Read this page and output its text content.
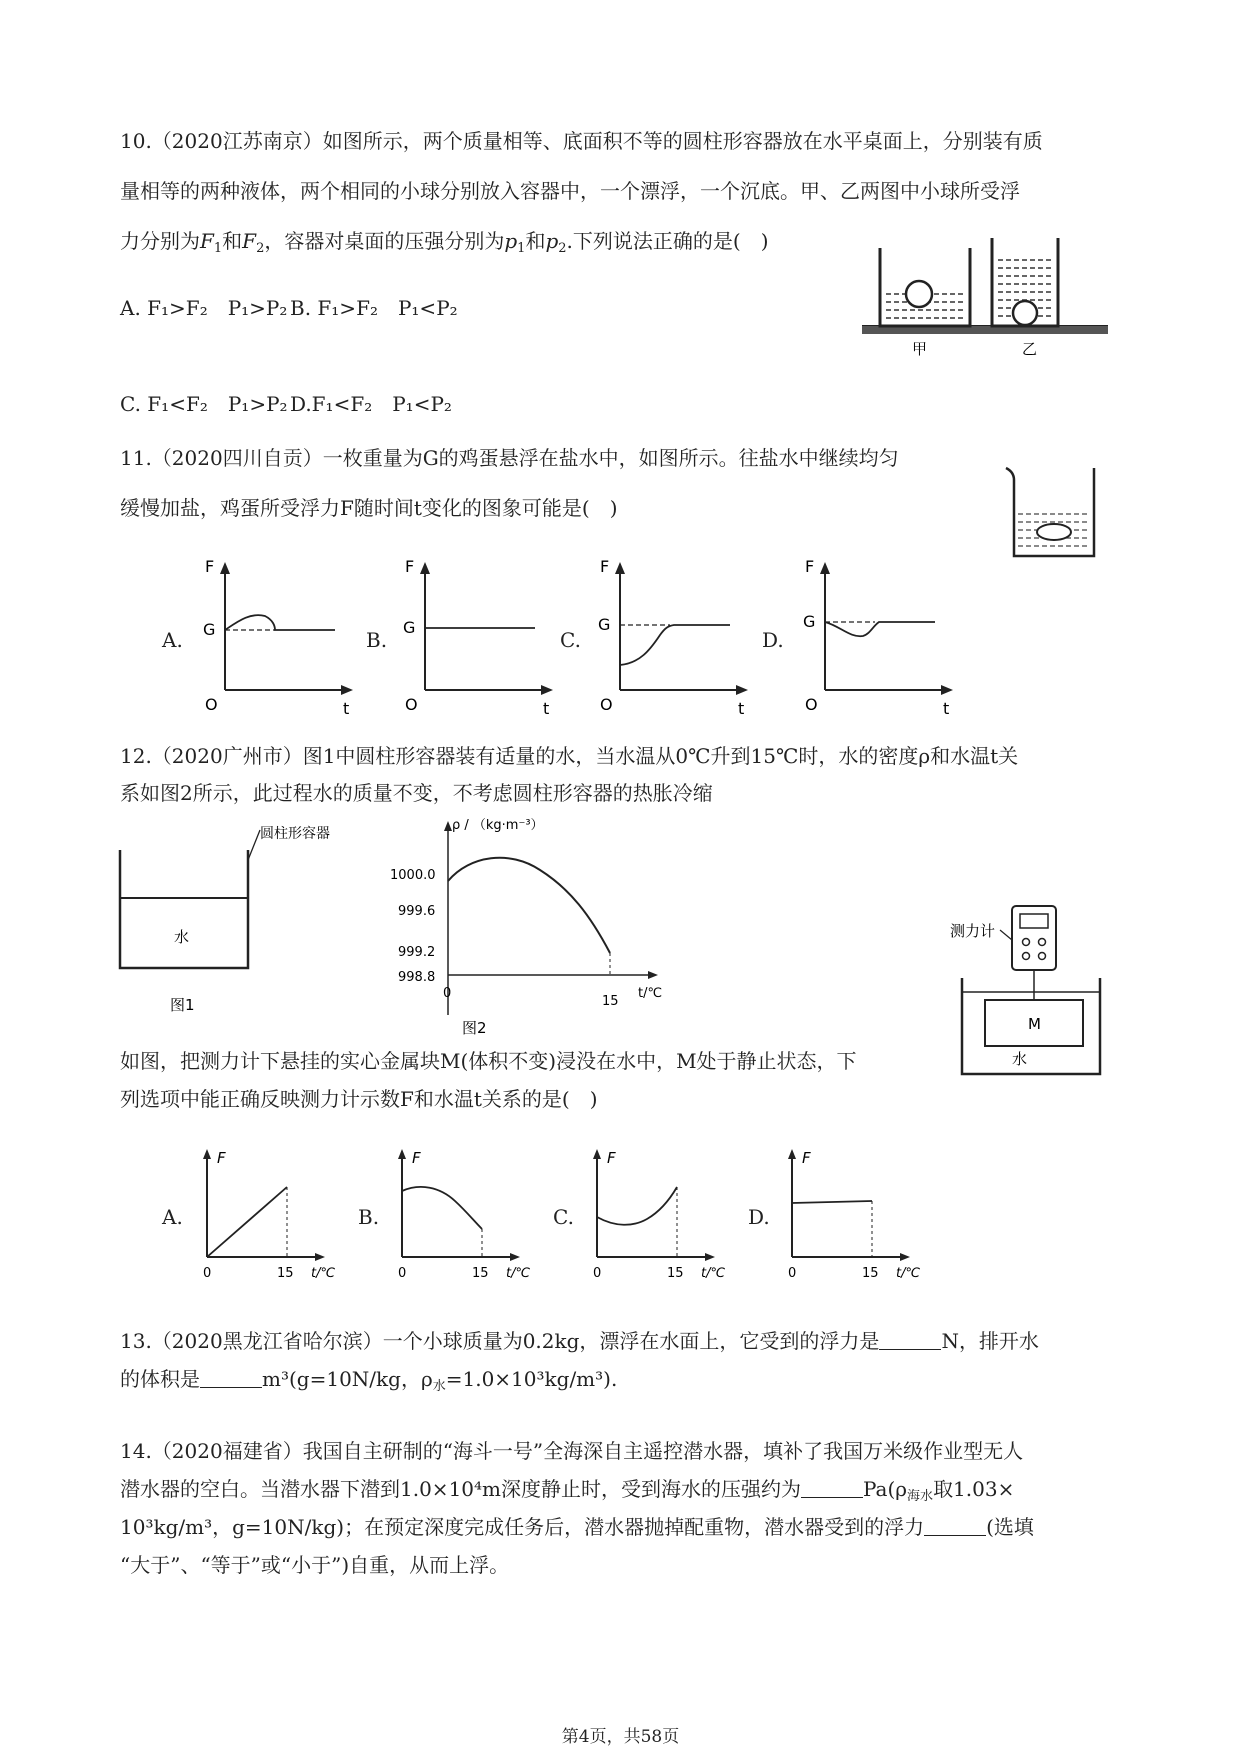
10.（2020江苏南京）如图所示，两个质量相等、底面积不等的圆柱形容器放在水平桌面上，分别装有质
量相等的两种液体，两个相同的小球分别放入容器中，一个漂浮，一个沉底。甲、乙两图中小球所受浮
力分别为$F_1$和$F_2$，容器对桌面的压强分别为$p_1$和$p_2$.下列说法正确的是(　)
A. F₁>F₂　P₁>P₂ B. F₁>F₂　P₁<P₂
C. F₁<F₂　P₁>P₂ D.F₁<F₂　P₁<P₂
甲	乙
11.（2020四川自贡）一枚重量为G的鸡蛋悬浮在盐水中，如图所示。往盐水中继续均匀
缓慢加盐，鸡蛋所受浮力F随时间t变化的图象可能是(　)
A.	B.	C.	D.
F
G
O	t
F
G
O	t
F
G
O	t
F
G
O	t
12.（2020广州市）图1中圆柱形容器装有适量的水，当水温从0℃升到15℃时，水的密度ρ和水温t关
系如图2所示，此过程水的质量不变，不考虑圆柱形容器的热胀冷缩
圆柱形容器
水
图1
ρ / （kg·m⁻³）
1000.0
999.6
999.2
998.8
0
15
t/℃
图2
测力计
M
水
如图，把测力计下悬挂的实心金属块M(体积不变)浸没在水中，M处于静止状态，下
列选项中能正确反映测力计示数F和水温t关系的是(　)
A.	B.	C.	D.
F
0	15 t/℃
F
0	15 t/℃
F
0	15 t/℃
F
0	15 t/℃
13.（2020黑龙江省哈尔滨）一个小球质量为0.2kg，漂浮在水面上，它受到的浮力是	N，排开水
的体积是	m³(g=10N/kg，$\rho_水=1.0\times 10^3kg/m^3$).
14.（2020福建省）我国自主研制的“海斗一号”全海深自主遥控潜水器，填补了我国万米级作业型无人
潜水器的空白。当潜水器下潜到1.0×10⁴m深度静止时，受到海水的压强约为	$Pa(\rho_{海水}$取1.03×
10³kg/m³，g=10N/kg)；在预定深度完成任务后，潜水器抛掉配重物，潜水器受到的浮力	(选填
“大于”、“等于”或“小于”)自重，从而上浮。
第4页，共58页
